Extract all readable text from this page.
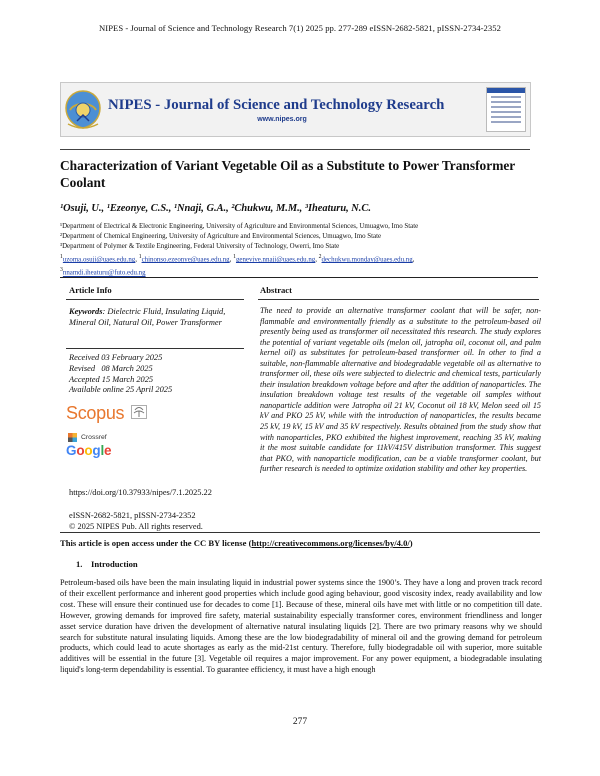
NIPES - Journal of Science and Technology Research 7(1) 2025 pp. 277-289 eISSN-2682-5821, pISSN-2734-2352
NIPES - Journal of Science and Technology Research
www.nipes.org
Characterization of Variant Vegetable Oil as a Substitute to Power Transformer Coolant
¹Osuji, U., ¹Ezeonye, C.S., ¹Nnaji, G.A., ²Chukwu, M.M., ³Iheaturu, N.C.
¹Department of Electrical & Electronic Engineering, University of Agriculture and Environmental Sciences, Umuagwo, Imo State
²Department of Chemical Engineering, University of Agriculture and Environmental Sciences, Umuagwo, Imo State
³Department of Polymer & Textile Engineering, Federal University of Technology, Owerri, Imo State
$^1$uzoma.osuji@uaes.edu.ng, $^1$chinonso.ezeonye@uaes.edu.ng, $^1$genevive.nnaji@uaes.edu.ng, $^2$dechukwu.monday@uaes.edu.ng,
$^3$nnamdi.iheaturu@futo.edu.ng
Article Info	Abstract
Keywords: Dielectric Fluid, Insulating Liquid, Mineral Oil, Natural Oil, Power Transformer
Received 03 February 2025
Revised   08 March 2025
Accepted 15 March 2025
Available online 25 April 2025
Scopus
Crossref
Google
https://doi.org/10.37933/nipes/7.1.2025.22
eISSN-2682-5821, pISSN-2734-2352
© 2025 NIPES Pub. All rights reserved.
The need to provide an alternative transformer coolant that will be safer, non-flammable and environmentally friendly as a substitute to the petroleum-based oil presently being used as transformer oil necessitated this research. The study explores the potential of variant vegetable oils (melon oil, jatropha oil, coconut oil, and palm kernel oil) as substitutes for petroleum-based transformer oil. In other to find a suitable, non-flammable alternative and biodegradable vegetable oil as alternative to transformer oil, these oils were subjected to dielectric and chemical tests, particularly their insulation breakdown voltage before and after the addition of nanoparticles. The insulation breakdown voltage test results of the vegetable oil samples without nanoparticle addition were Jatropha oil 21 kV, Coconut oil 18 kV, Melon seed oil 15 kV and PKO 25 kV, while with the introduction of nanoparticles, the results became 25 kV, 19 kV, 15 kV and 35 kV respectively. Results obtained from the study show that with nanoparticles, PKO exhibited the highest improvement, reaching 35 kV, making it the most suitable candidate for 11kV/415V distribution transformer. This suggest that PKO, with nanoparticle modification, can be a viable transformer coolant, but further research is needed to optimize oxidation stability and other key properties.
This article is open access under the CC BY license (http://creativecommons.org/licenses/by/4.0/)
1.    Introduction
Petroleum-based oils have been the main insulating liquid in industrial power systems since the 1900’s. They have a long and proven track record of their excellent performance and inherent good properties which include good aging behaviour, good viscosity index, ready availability and low cost. These will ensure their continued use for decades to come [1]. Because of these, mineral oils have met with little or no competition till date. However, growing demands for improved fire safety, material sustainability especially transformer cores, environment friendliness and longer asset service duration have driven the development of alternative natural insulating liquids [2]. There are two primary reasons why we should search for substitute natural insulating liquids. Among these are the low biodegradability of mineral oil and the growing demand for petroleum products, which could lead to acute shortages as early as the mid-21st century. Therefore, fully biodegradable oil with superior, more suitable additives will be essential in the future [3]. Vegetable oil requires a major improvement. For any power equipment, a biodegradable insulating liquid's long-term dependability is essential. To guarantee efficiency, it must have a high enough
277
